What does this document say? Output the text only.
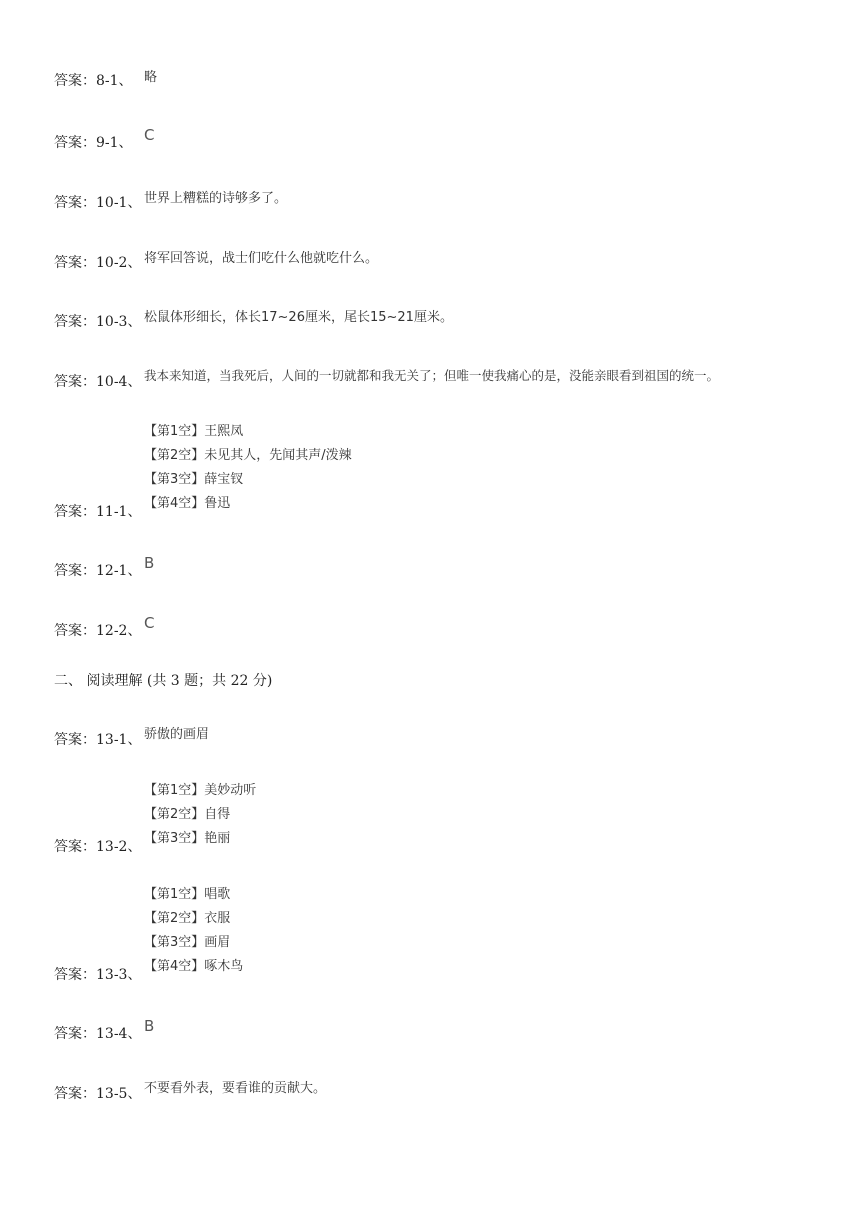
答案：8-1、 略
答案：9-1、 C
答案：10-1、 世界上糟糕的诗够多了。
答案：10-2、 将军回答说，战士们吃什么他就吃什么。
答案：10-3、 松鼠体形细长，体长17~26厘米，尾长15~21厘米。
答案：10-4、 我本来知道，当我死后，人间的一切就都和我无关了；但唯一使我痛心的是，没能亲眼看到祖国的统一。
【第1空】王熙凤
【第2空】未见其人，先闻其声/泼辣
【第3空】薛宝钗
【第4空】鲁迅
答案：11-1、
答案：12-1、 B
答案：12-2、 C
二、 阅读理解 (共 3 题；共 22 分)
答案：13-1、 骄傲的画眉
【第1空】美妙动听
【第2空】自得
【第3空】艳丽
答案：13-2、
【第1空】唱歌
【第2空】衣服
【第3空】画眉
【第4空】啄木鸟
答案：13-3、
答案：13-4、 B
答案：13-5、 不要看外表，要看谁的贡献大。
